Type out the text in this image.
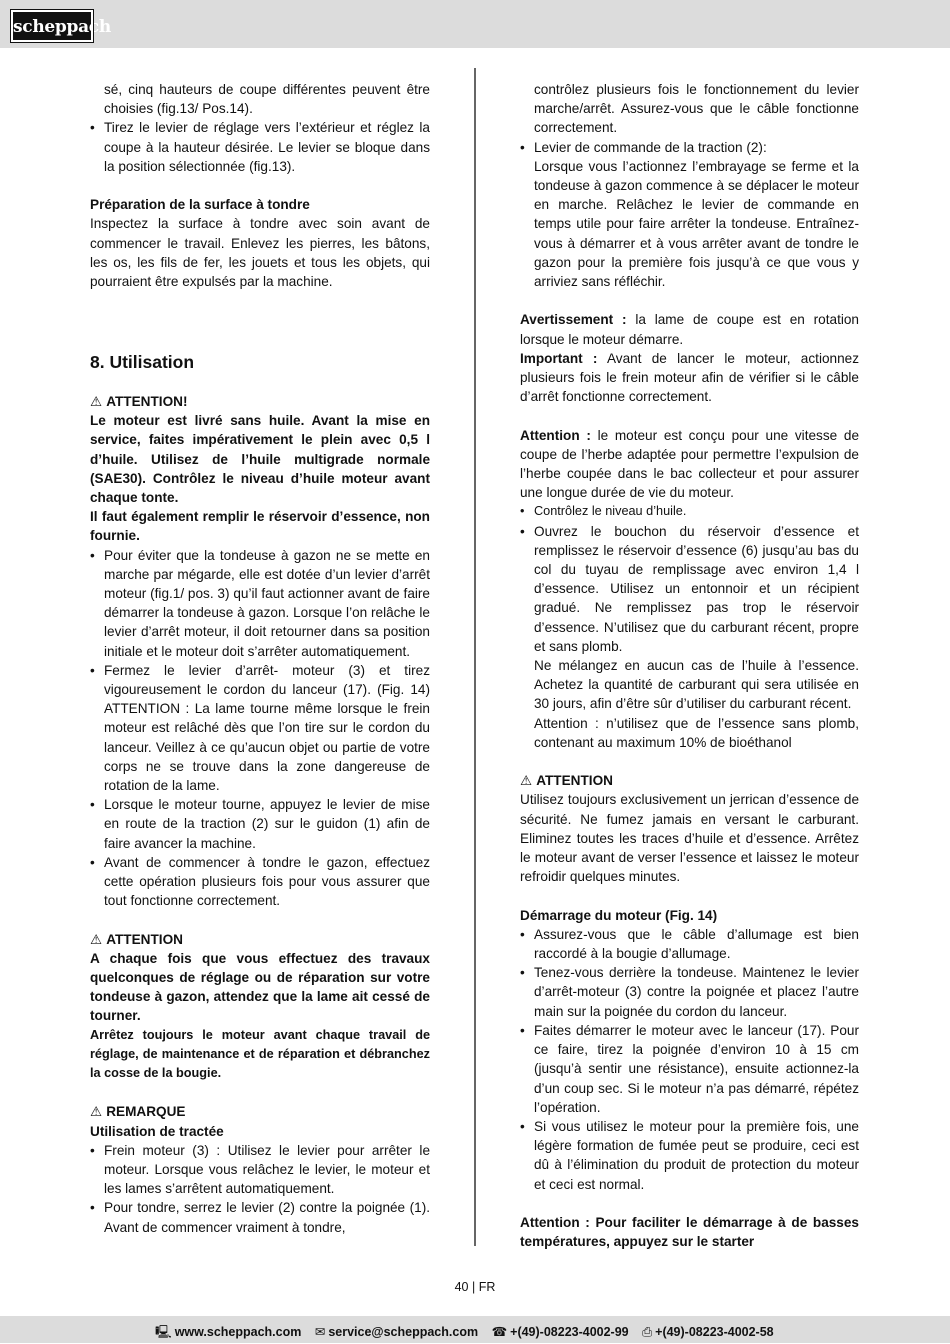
scheppach

sé, cinq hauteurs de coupe différentes peuvent être choisies (fig.13/ Pos.14).

• Tirez le levier de réglage vers l’extérieur et réglez la coupe à la hauteur désirée. Le levier se bloque dans la position sélectionnée (fig.13).

Préparation de la surface à tondre

Inspectez la surface à tondre avec soin avant de commencer le travail. Enlevez les pierres, les bâtons, les os, les fils de fer, les jouets et tous les objets, qui pourraient être expulsés par la machine.

8. Utilisation

⚠ ATTENTION!

Le moteur est livré sans huile. Avant la mise en service, faites impérativement le plein avec 0,5 l d’huile. Utilisez de l’huile multigrade normale (SAE30). Contrôlez le niveau d’huile moteur avant chaque tonte.

Il faut également remplir le réservoir d’essence, non fournie.

• Pour éviter que la tondeuse à gazon ne se mette en marche par mégarde, elle est dotée d’un levier d’arrêt moteur (fig.1/ pos. 3) qu’il faut actionner avant de faire démarrer la tondeuse à gazon. Lorsque l’on relâche le levier d’arrêt moteur, il doit retourner dans sa position initiale et le moteur doit s’arrêter automatiquement.

• Fermez le levier d’arrêt- moteur (3) et tirez vigoureusement le cordon du lanceur (17). (Fig. 14) ATTENTION : La lame tourne même lorsque le frein moteur est relâché dès que l’on tire sur le cordon du lanceur. Veillez à ce qu’aucun objet ou partie de votre corps ne se trouve dans la zone dangereuse de rotation de la lame.

• Lorsque le moteur tourne, appuyez le levier de mise en route de la traction (2) sur le guidon (1) afin de faire avancer la machine.

• Avant de commencer à tondre le gazon, effectuez cette opération plusieurs fois pour vous assurer que tout fonctionne correctement.

⚠ ATTENTION

A chaque fois que vous effectuez des travaux quelconques de réglage ou de réparation sur votre tondeuse à gazon, attendez que la lame ait cessé de tourner.

Arrêtez toujours le moteur avant chaque travail de réglage, de maintenance et de réparation et débranchez la cosse de la bougie.

⚠ REMARQUE

Utilisation de tractée

• Frein moteur (3) : Utilisez le levier pour arrêter le moteur. Lorsque vous relâchez le levier, le moteur et les lames s’arrêtent automatiquement.

• Pour tondre, serrez le levier (2) contre la poignée (1). Avant de commencer vraiment à tondre,

contrôlez plusieurs fois le fonctionnement du levier marche/arrêt. Assurez-vous que le câble fonctionne correctement.

• Levier de commande de la traction (2):

Lorsque vous l’actionnez l’embrayage se ferme et la tondeuse à gazon commence à se déplacer le moteur en marche. Relâchez le levier de commande en temps utile pour faire arrêter la tondeuse. Entraînez-vous à démarrer et à vous arrêter avant de tondre le gazon pour la première fois jusqu’à ce que vous y arriviez sans réfléchir.

Avertissement : la lame de coupe est en rotation lorsque le moteur démarre.

Important : Avant de lancer le moteur, actionnez plusieurs fois le frein moteur afin de vérifier si le câble d’arrêt fonctionne correctement.

Attention : le moteur est conçu pour une vitesse de coupe de l’herbe adaptée pour permettre l’expulsion de l’herbe coupée dans le bac collecteur et pour assurer une longue durée de vie du moteur.

• Contrôlez le niveau d’huile.

• Ouvrez le bouchon du réservoir d’essence et remplissez le réservoir d’essence (6) jusqu’au bas du col du tuyau de remplissage avec environ 1,4 l d’essence. Utilisez un entonnoir et un récipient gradué. Ne remplissez pas trop le réservoir d’essence. N’utilisez que du carburant récent, propre et sans plomb.

Ne mélangez en aucun cas de l’huile à l’essence. Achetez la quantité de carburant qui sera utilisée en 30 jours, afin d’être sûr d’utiliser du carburant récent.

Attention : n’utilisez que de l’essence sans plomb, contenant au maximum 10% de bioéthanol

⚠ ATTENTION

Utilisez toujours exclusivement un jerrican d’essence de sécurité. Ne fumez jamais en versant le carburant. Eliminez toutes les traces d’huile et d’essence. Arrêtez le moteur avant de verser l’essence et laissez le moteur refroidir quelques minutes.

Démarrage du moteur (Fig. 14)

• Assurez-vous que le câble d’allumage est bien raccordé à la bougie d’allumage.

• Tenez-vous derrière la tondeuse. Maintenez le levier d’arrêt-moteur (3) contre la poignée et placez l’autre main sur la poignée du cordon du lanceur.

• Faites démarrer le moteur avec le lanceur (17). Pour ce faire, tirez la poignée d’environ 10 à 15 cm (jusqu’à sentir une résistance), ensuite actionnez-la d’un coup sec. Si le moteur n’a pas démarré, répétez l’opération.

• Si vous utilisez le moteur pour la première fois, une légère formation de fumée peut se produire, ceci est dû à l’élimination du produit de protection du moteur et ceci est normal.

Attention : Pour faciliter le démarrage à de basses températures, appuyez sur le starter

40 | FR
🖳 www.scheppach.com ✉ service@scheppach.com ☎ +(49)-08223-4002-99 ⎙ +(49)-08223-4002-58
